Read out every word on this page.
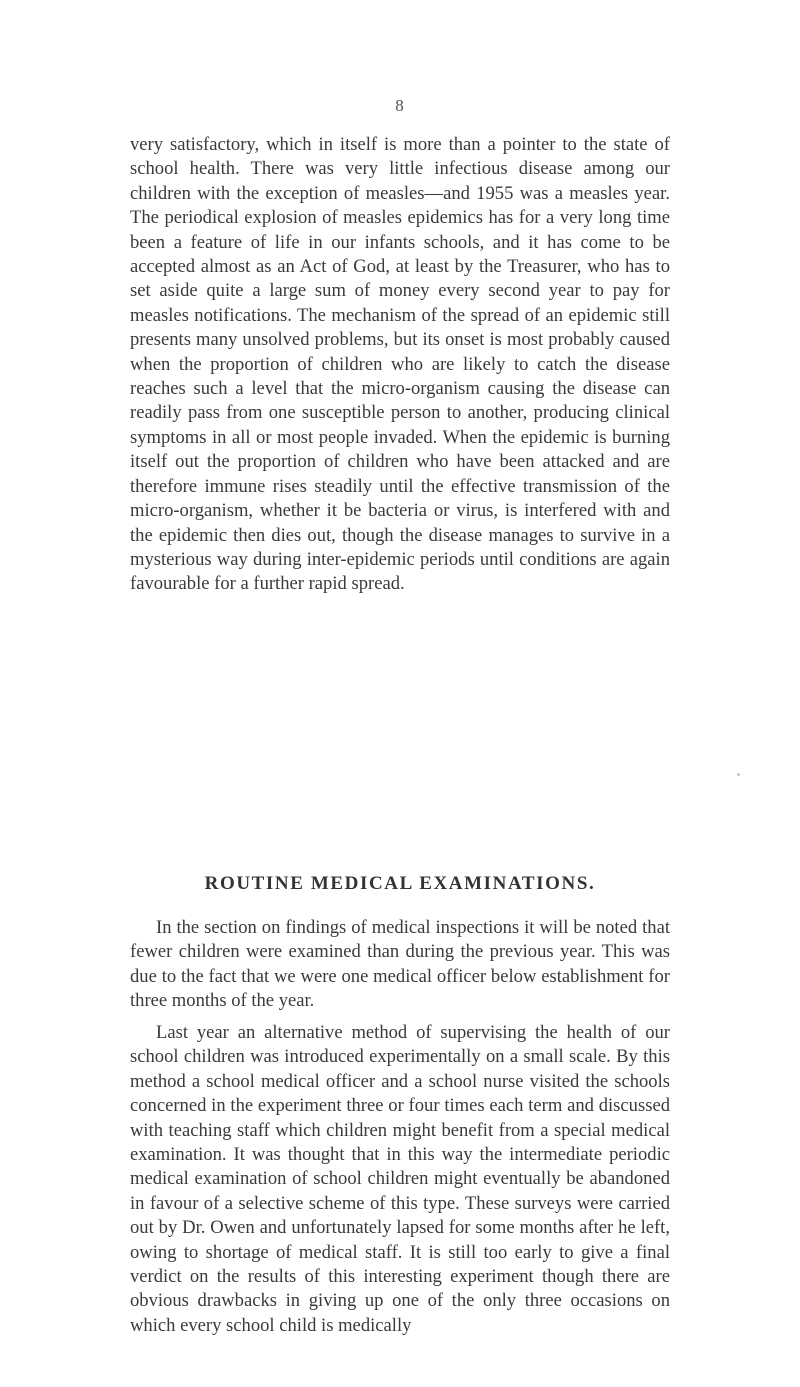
8

very satisfactory, which in itself is more than a pointer to the state of school health. There was very little infectious disease among our children with the exception of measles—and 1955 was a measles year. The periodical explosion of measles epidemics has for a very long time been a feature of life in our infants schools, and it has come to be accepted almost as an Act of God, at least by the Treasurer, who has to set aside quite a large sum of money every second year to pay for measles notifications. The mechanism of the spread of an epidemic still presents many unsolved problems, but its onset is most probably caused when the proportion of children who are likely to catch the disease reaches such a level that the micro-organism causing the disease can readily pass from one susceptible person to another, producing clinical symptoms in all or most people invaded. When the epidemic is burning itself out the proportion of children who have been attacked and are therefore immune rises steadily until the effective transmission of the micro-organism, whether it be bacteria or virus, is interfered with and the epidemic then dies out, though the disease manages to survive in a mysterious way during inter-epidemic periods until conditions are again favourable for a further rapid spread.

ROUTINE MEDICAL EXAMINATIONS.

In the section on findings of medical inspections it will be noted that fewer children were examined than during the previous year. This was due to the fact that we were one medical officer below establishment for three months of the year.

Last year an alternative method of supervising the health of our school children was introduced experimentally on a small scale. By this method a school medical officer and a school nurse visited the schools concerned in the experiment three or four times each term and discussed with teaching staff which children might benefit from a special medical examination. It was thought that in this way the intermediate periodic medical examination of school children might eventually be abandoned in favour of a selective scheme of this type. These surveys were carried out by Dr. Owen and unfortunately lapsed for some months after he left, owing to shortage of medical staff. It is still too early to give a final verdict on the results of this interesting experiment though there are obvious drawbacks in giving up one of the only three occasions on which every school child is medically
